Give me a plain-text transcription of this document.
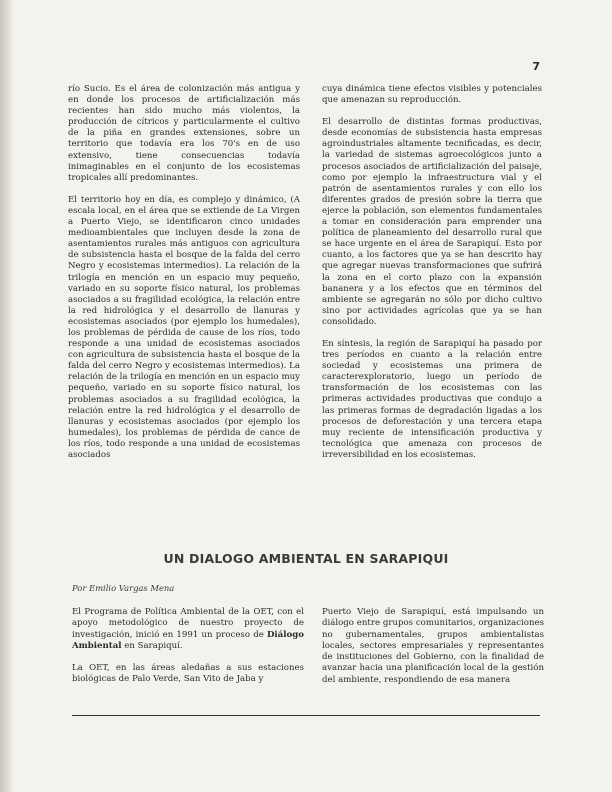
7

río Sucio. Es el área de colonización más antigua y en donde los procesos de artificialización más recientes han sido mucho más violentos, la producción de cítricos y particularmente el cultivo de la piña en grandes extensiones, sobre un territorio que todavía era los 70's en de uso extensivo, tiene consecuencias todavía inimaginables en el conjunto de los ecosistemas tropicales allí predominantes.

El territorio hoy en día, es complejo y dinámico, (A escala local, en el área que se extiende de La Virgen a Puerto Viejo, se identificaron cinco unidades medioambientales que incluyen desde la zona de asentamientos rurales más antiguos con agricultura de subsistencia hasta el bosque de la falda del cerro Negro y ecosistemas intermedios). La relación de la trilogía en mención en un espacio muy pequeño, variado en su soporte físico natural, los problemas asociados a su fragilidad ecológica, la relación entre la red hidrológica y el desarrollo de llanuras y ecosistemas asociados (por ejemplo los humedales), los problemas de pérdida de cause de los ríos, todo responde a una unidad de ecosistemas asociados con agricultura de subsistencia hasta el bosque de la falda del cerro Negro y ecosistemas intermedios). La relación de la trilogía en mención en un espacio muy pequeño, variado en su soporte físico natural, los problemas asociados a su fragilidad ecológica, la relación entre la red hidrológica y el desarrollo de llanuras y ecosistemas asociados (por ejemplo los humedales), los problemas de pérdida de cance de los ríos, todo responde a una unidad de ecosistemas asociados

cuya dinámica tiene efectos visibles y potenciales que amenazan su reproducción.

El desarrollo de distintas formas productivas, desde economías de subsistencia hasta empresas agroindustriales altamente tecnificadas, es decir, la variedad de sistemas agroecológicos junto a procesos asociados de artificialización del paisaje, como por ejemplo la infraestructura vial y el patrón de asentamientos rurales y con ello los diferentes grados de presión sobre la tierra que ejerce la población, son elementos fundamentales a tomar en consideración para emprender una política de planeamiento del desarrollo rural que se hace urgente en el área de Sarapiquí. Esto por cuanto, a los factores que ya se han descrito hay que agregar nuevas transformaciones que sufrirá la zona en el corto plazo con la expansión bananera y a los efectos que en términos del ambiente se agregarán no sólo por dicho cultivo sino por actividades agrícolas que ya se han consolidado.

En síntesis, la región de Sarapiquí ha pasado por tres períodos en cuanto a la relación entre sociedad y ecosistemas una primera de caracterexploratorio, luego un período de transformación de los ecosistemas con las primeras actividades productivas que condujo a las primeras formas de degradación ligadas a los procesos de deforestación y una tercera etapa muy reciente de intensificación productiva y tecnológica que amenaza con procesos de irreversibilidad en los ecosistemas.

UN DIALOGO AMBIENTAL EN SARAPIQUI
Por Emilio Vargas Mena

El Programa de Política Ambiental de la OET, con el apoyo metodológico de nuestro proyecto de investigación, inició en 1991 un proceso de Diálogo Ambiental en Sarapiquí.

La OET, en las áreas aledañas a sus estaciones biológicas de Palo Verde, San Vito de Jaba y

Puerto Viejo de Sarapiquí, está impulsando un diálogo entre grupos comunitarios, organizaciones no gubernamentales, grupos ambientalistas locales, sectores empresariales y representantes de instituciones del Gobierno, con la finalidad de avanzar hacia una planificación local de la gestión del ambiente, respondiendo de esa manera
